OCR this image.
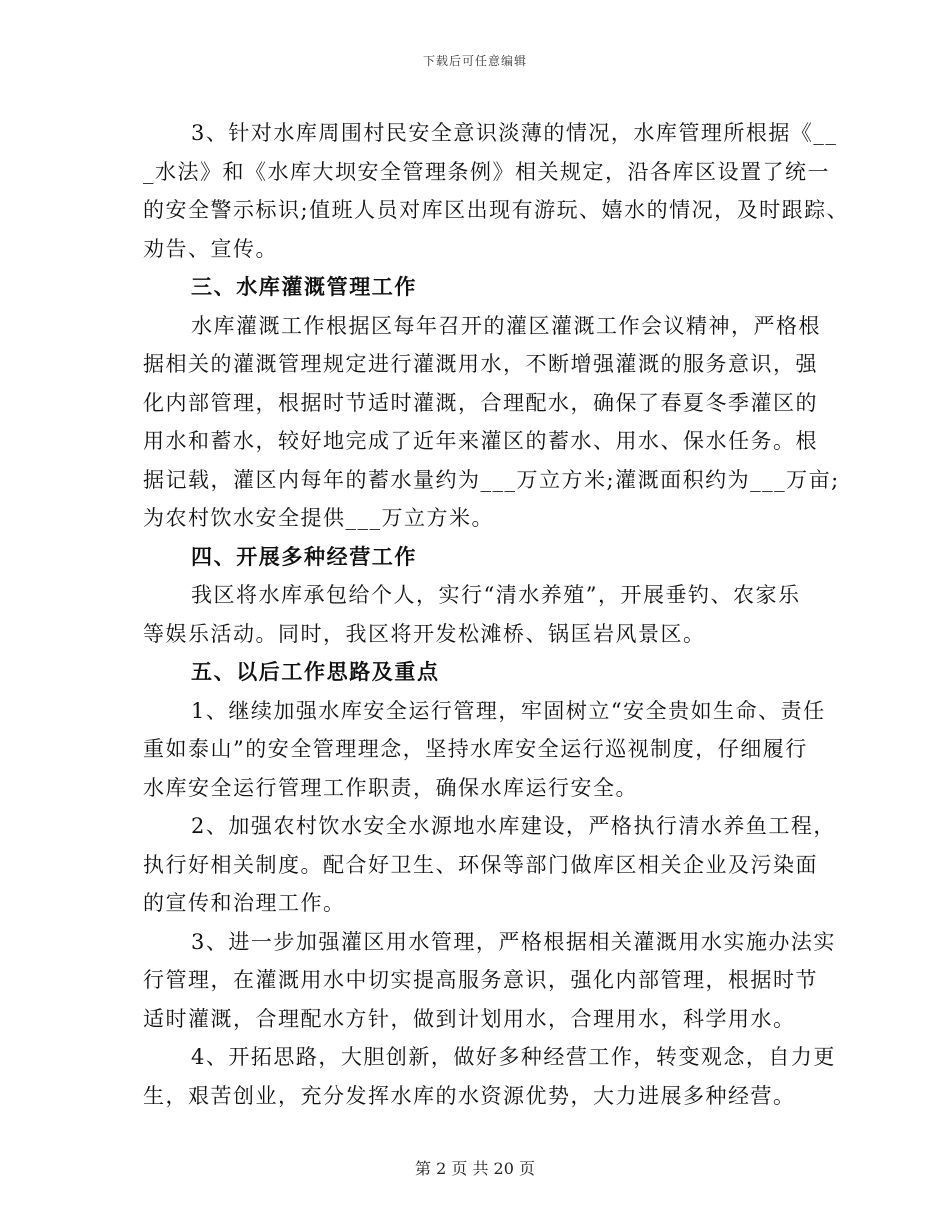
下载后可任意编辑
3、针对水库周围村民安全意识淡薄的情况，水库管理所根据《__
_水法》和《水库大坝安全管理条例》相关规定，沿各库区设置了统一
的安全警示标识;值班人员对库区出现有游玩、嬉水的情况，及时跟踪、
劝告、宣传。
三、水库灌溉管理工作
水库灌溉工作根据区每年召开的灌区灌溉工作会议精神，严格根
据相关的灌溉管理规定进行灌溉用水，不断增强灌溉的服务意识，强
化内部管理，根据时节适时灌溉，合理配水，确保了春夏冬季灌区的
用水和蓄水，较好地完成了近年来灌区的蓄水、用水、保水任务。根
据记载，灌区内每年的蓄水量约为___万立方米;灌溉面积约为___万亩;
为农村饮水安全提供___万立方米。
四、开展多种经营工作
我区将水库承包给个人，实行“清水养殖”，开展垂钓、农家乐
等娱乐活动。同时，我区将开发松滩桥、锅匡岩风景区。
五、以后工作思路及重点
1、继续加强水库安全运行管理，牢固树立“安全贵如生命、责任
重如泰山”的安全管理理念，坚持水库安全运行巡视制度，仔细履行
水库安全运行管理工作职责，确保水库运行安全。
2、加强农村饮水安全水源地水库建设，严格执行清水养鱼工程，
执行好相关制度。配合好卫生、环保等部门做库区相关企业及污染面
的宣传和治理工作。
3、进一步加强灌区用水管理，严格根据相关灌溉用水实施办法实
行管理，在灌溉用水中切实提高服务意识，强化内部管理，根据时节
适时灌溉，合理配水方针，做到计划用水，合理用水，科学用水。
4、开拓思路，大胆创新，做好多种经营工作，转变观念，自力更
生，艰苦创业，充分发挥水库的水资源优势，大力进展多种经营。
第 2 页 共 20 页
